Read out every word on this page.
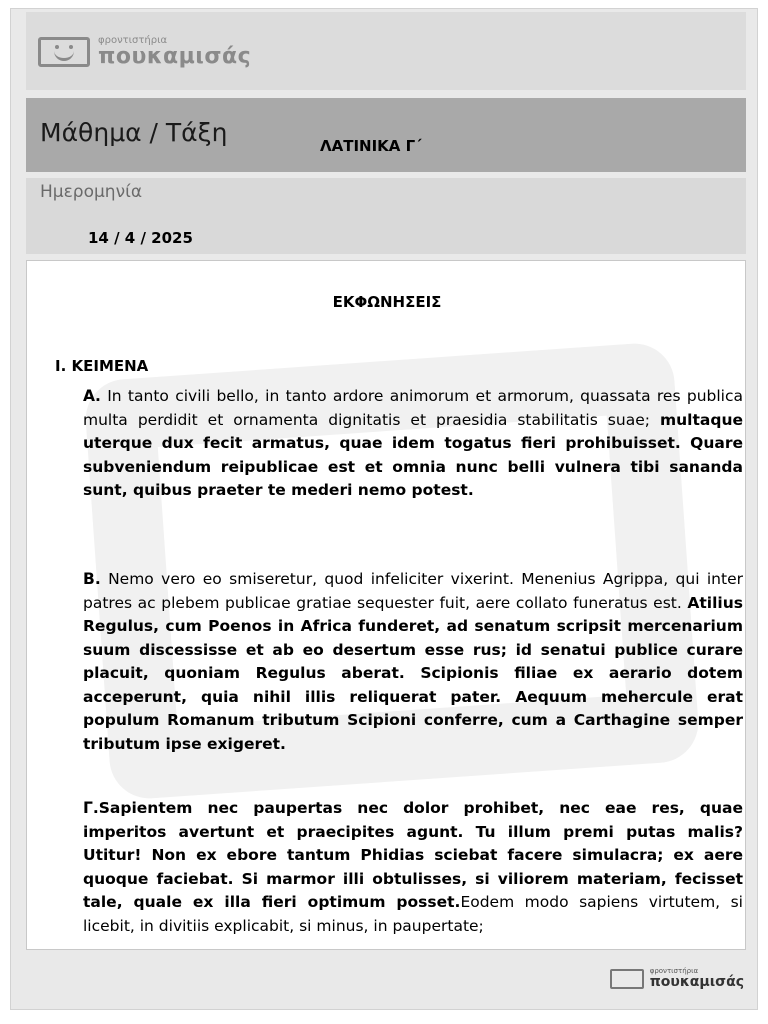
φροντιστήρια
πουκαμισάς
Μάθημα / Τάξη	ΛΑΤΙΝΙΚΑ Γ΄
Ημερομηνία
14 / 4 / 2025
ΕΚΦΩΝΗΣΕΙΣ
Ι. ΚΕΙΜΕΝΑ

Α. In tanto civili bello, in tanto ardore animorum et armorum, quassata res publica multa perdidit et ornamenta dignitatis et praesidia stabilitatis suae; multaque uterque dux fecit armatus, quae idem togatus fieri prohibuisset. Quare subveniendum reipublicae est et omnia nunc belli vulnera tibi sananda sunt, quibus praeter te mederi nemo potest.

Β. Nemo vero eo smiseretur, quod infeliciter vixerint. Menenius Agrippa, qui inter patres ac plebem publicae gratiae sequester fuit, aere collato funeratus est. Atilius Regulus, cum Poenos in Africa funderet, ad senatum scripsit mercenarium suum discessisse et ab eo desertum esse rus; id senatui publice curare placuit, quoniam Regulus aberat. Scipionis filiae ex aerario dotem acceperunt, quia nihil illis reliquerat pater. Aequum mehercule erat populum Romanum tributum Scipioni conferre, cum a Carthagine semper tributum ipse exigeret.

Γ.Sapientem nec paupertas nec dolor prohibet, nec eae res, quae imperitos avertunt et praecipites agunt. Tu illum premi putas malis? Utitur! Non ex ebore tantum Phidias sciebat facere simulacra; ex aere quoque faciebat. Si marmor illi obtulisses, si viliorem materiam, fecisset tale, quale ex illa fieri optimum posset.Eodem modo sapiens virtutem, si licebit, in divitiis explicabit, si minus, in paupertate;

φροντιστήρια
πουκαμισάς
